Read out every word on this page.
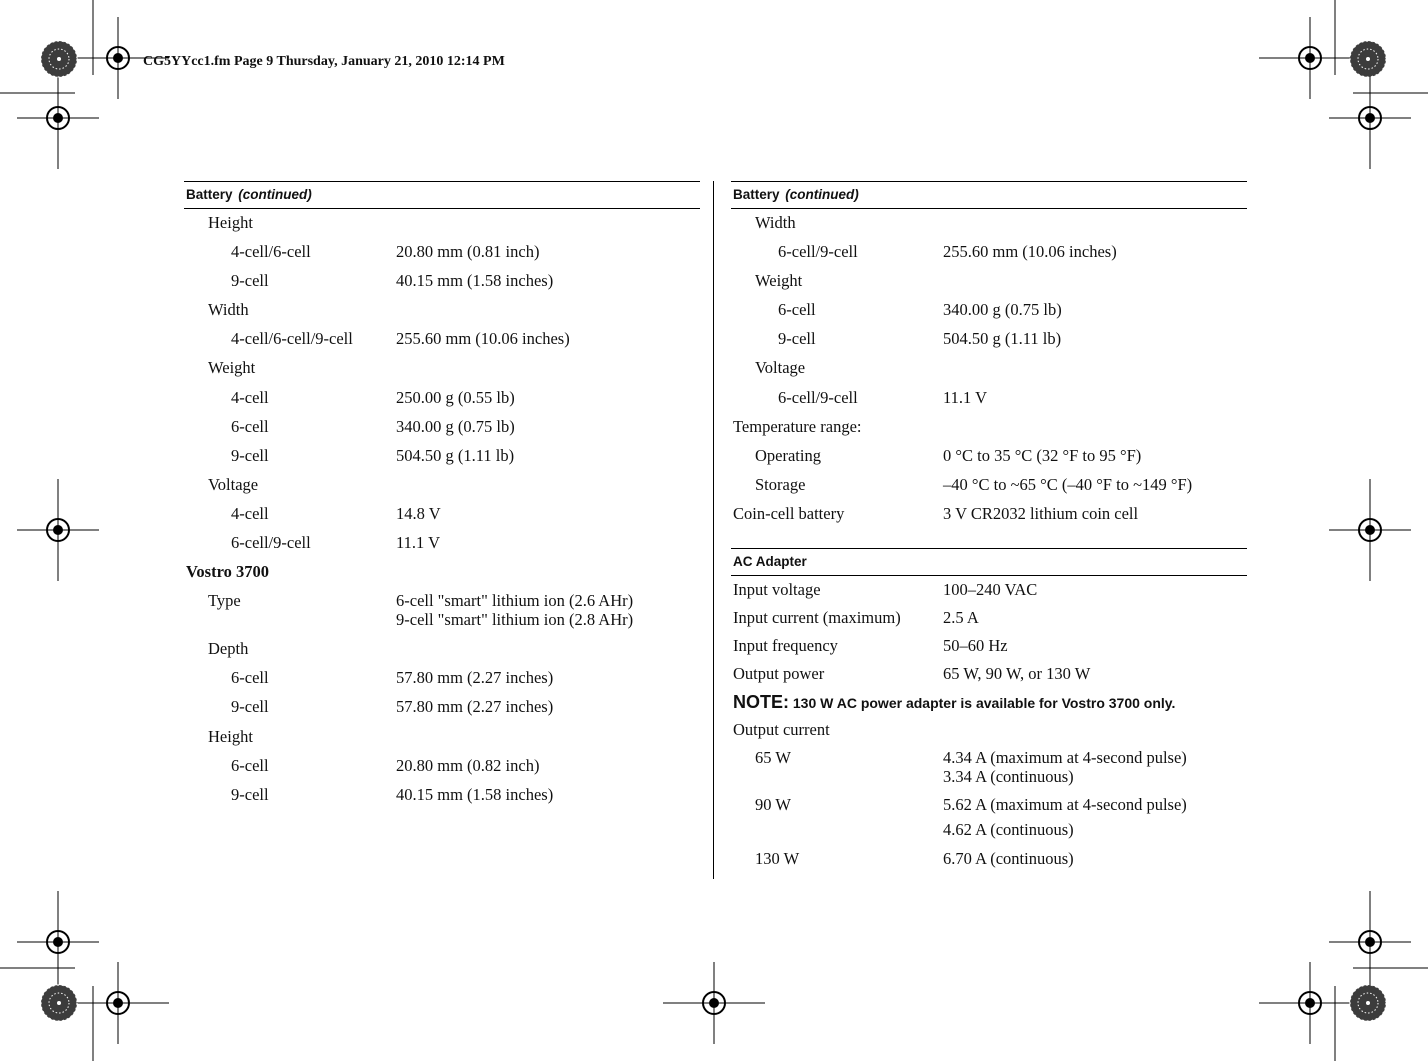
CG5YYcc1.fm Page 9 Thursday, January 21, 2010 12:14 PM
Battery (continued)
Height
4-cell/6-cell	20.80 mm (0.81 inch)
9-cell	40.15 mm (1.58 inches)
Width
4-cell/6-cell/9-cell	255.60 mm (10.06 inches)
Weight
4-cell	250.00 g (0.55 lb)
6-cell	340.00 g (0.75 lb)
9-cell	504.50 g (1.11 lb)
Voltage
4-cell	14.8 V
6-cell/9-cell	11.1 V
Vostro 3700
Type	6-cell "smart" lithium ion (2.6 AHr)
9-cell "smart" lithium ion (2.8 AHr)
Depth
6-cell	57.80 mm (2.27 inches)
9-cell	57.80 mm (2.27 inches)
Height
6-cell	20.80 mm (0.82 inch)
9-cell	40.15 mm (1.58 inches)
Battery (continued)
Width
6-cell/9-cell	255.60 mm (10.06 inches)
Weight
6-cell	340.00 g (0.75 lb)
9-cell	504.50 g (1.11 lb)
Voltage
6-cell/9-cell	11.1 V
Temperature range:
Operating	0 °C to 35 °C (32 °F to 95 °F)
Storage	–40 °C to ~65 °C (–40 °F to ~149 °F)
Coin-cell battery	3 V CR2032 lithium coin cell
AC Adapter
Input voltage	100–240 VAC
Input current (maximum)	2.5 A
Input frequency	50–60 Hz
Output power	65 W, 90 W, or 130 W
NOTE: 130 W AC power adapter is available for Vostro 3700 only.
Output current
65 W	4.34 A (maximum at 4-second pulse)
3.34 A (continuous)
90 W	5.62 A (maximum at 4-second pulse)
4.62 A (continuous)
130 W	6.70 A (continuous)
